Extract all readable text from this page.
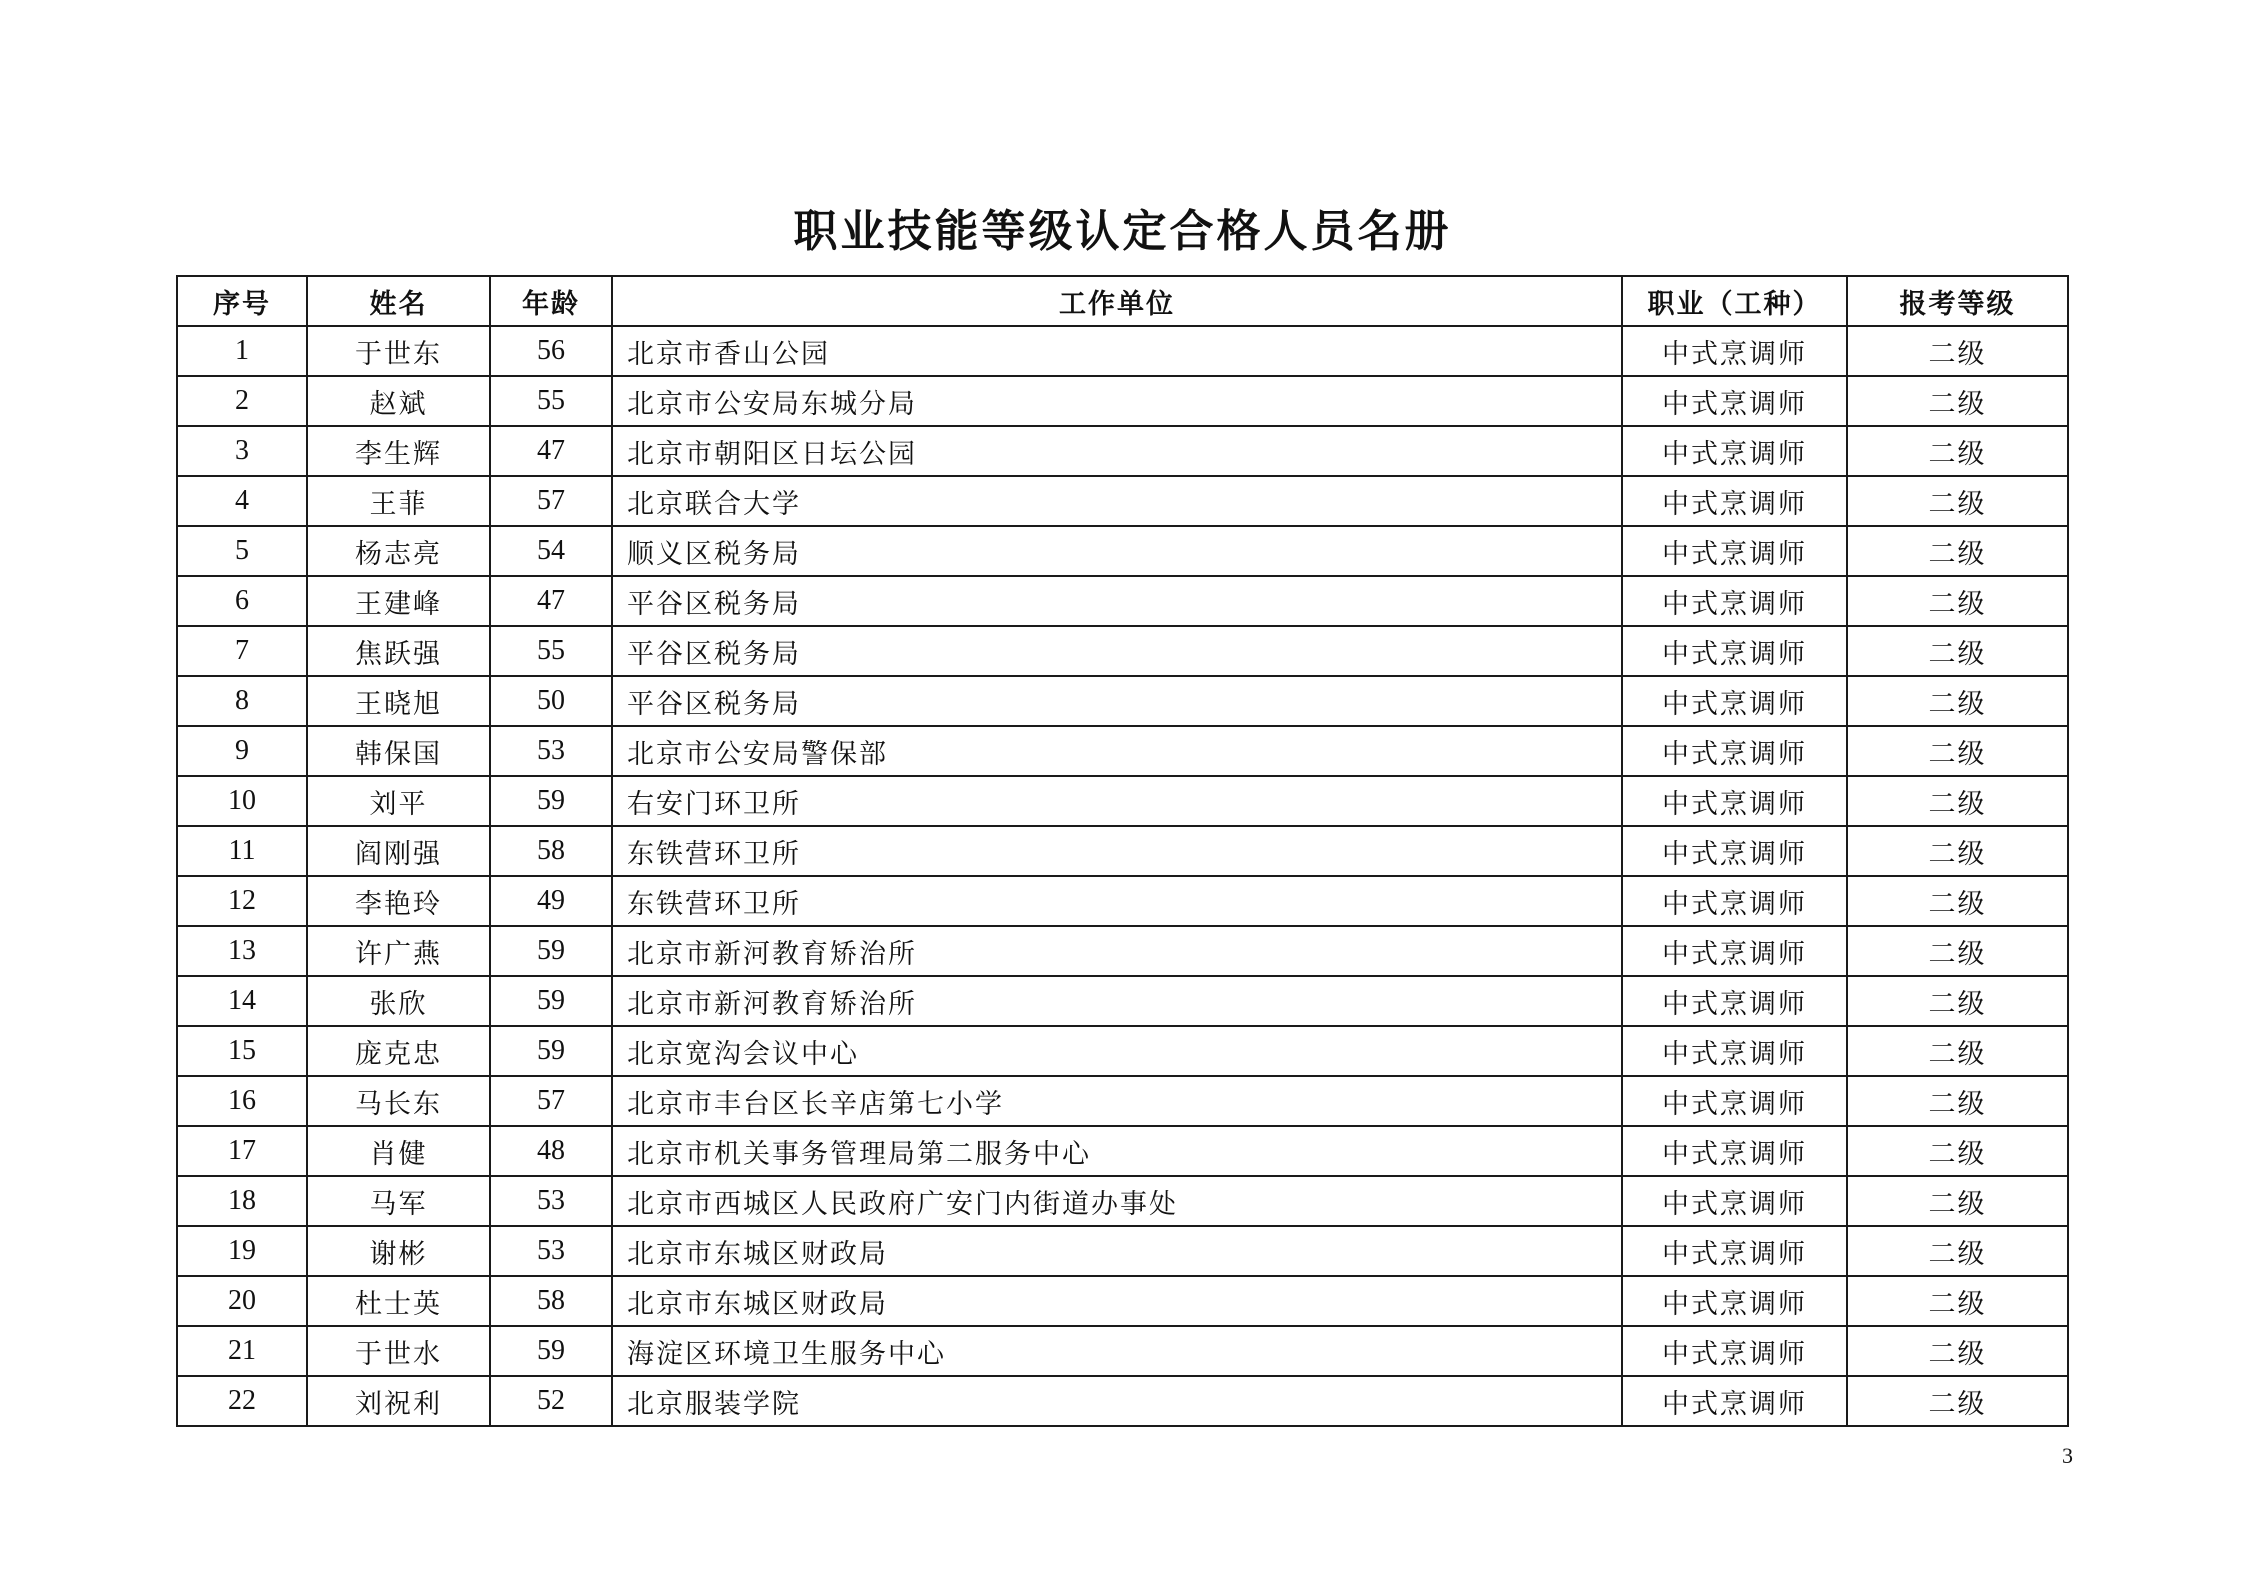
职业技能等级认定合格人员名册
序号	姓名	年龄	工作单位	职业（工种）	报考等级
1	于世东	56	北京市香山公园	中式烹调师	二级
2	赵斌	55	北京市公安局东城分局	中式烹调师	二级
3	李生辉	47	北京市朝阳区日坛公园	中式烹调师	二级
4	王菲	57	北京联合大学	中式烹调师	二级
5	杨志亮	54	顺义区税务局	中式烹调师	二级
6	王建峰	47	平谷区税务局	中式烹调师	二级
7	焦跃强	55	平谷区税务局	中式烹调师	二级
8	王晓旭	50	平谷区税务局	中式烹调师	二级
9	韩保国	53	北京市公安局警保部	中式烹调师	二级
10	刘平	59	右安门环卫所	中式烹调师	二级
11	阎刚强	58	东铁营环卫所	中式烹调师	二级
12	李艳玲	49	东铁营环卫所	中式烹调师	二级
13	许广燕	59	北京市新河教育矫治所	中式烹调师	二级
14	张欣	59	北京市新河教育矫治所	中式烹调师	二级
15	庞克忠	59	北京宽沟会议中心	中式烹调师	二级
16	马长东	57	北京市丰台区长辛店第七小学	中式烹调师	二级
17	肖健	48	北京市机关事务管理局第二服务中心	中式烹调师	二级
18	马军	53	北京市西城区人民政府广安门内街道办事处	中式烹调师	二级
19	谢彬	53	北京市东城区财政局	中式烹调师	二级
20	杜士英	58	北京市东城区财政局	中式烹调师	二级
21	于世水	59	海淀区环境卫生服务中心	中式烹调师	二级
22	刘祝利	52	北京服装学院	中式烹调师	二级
3
